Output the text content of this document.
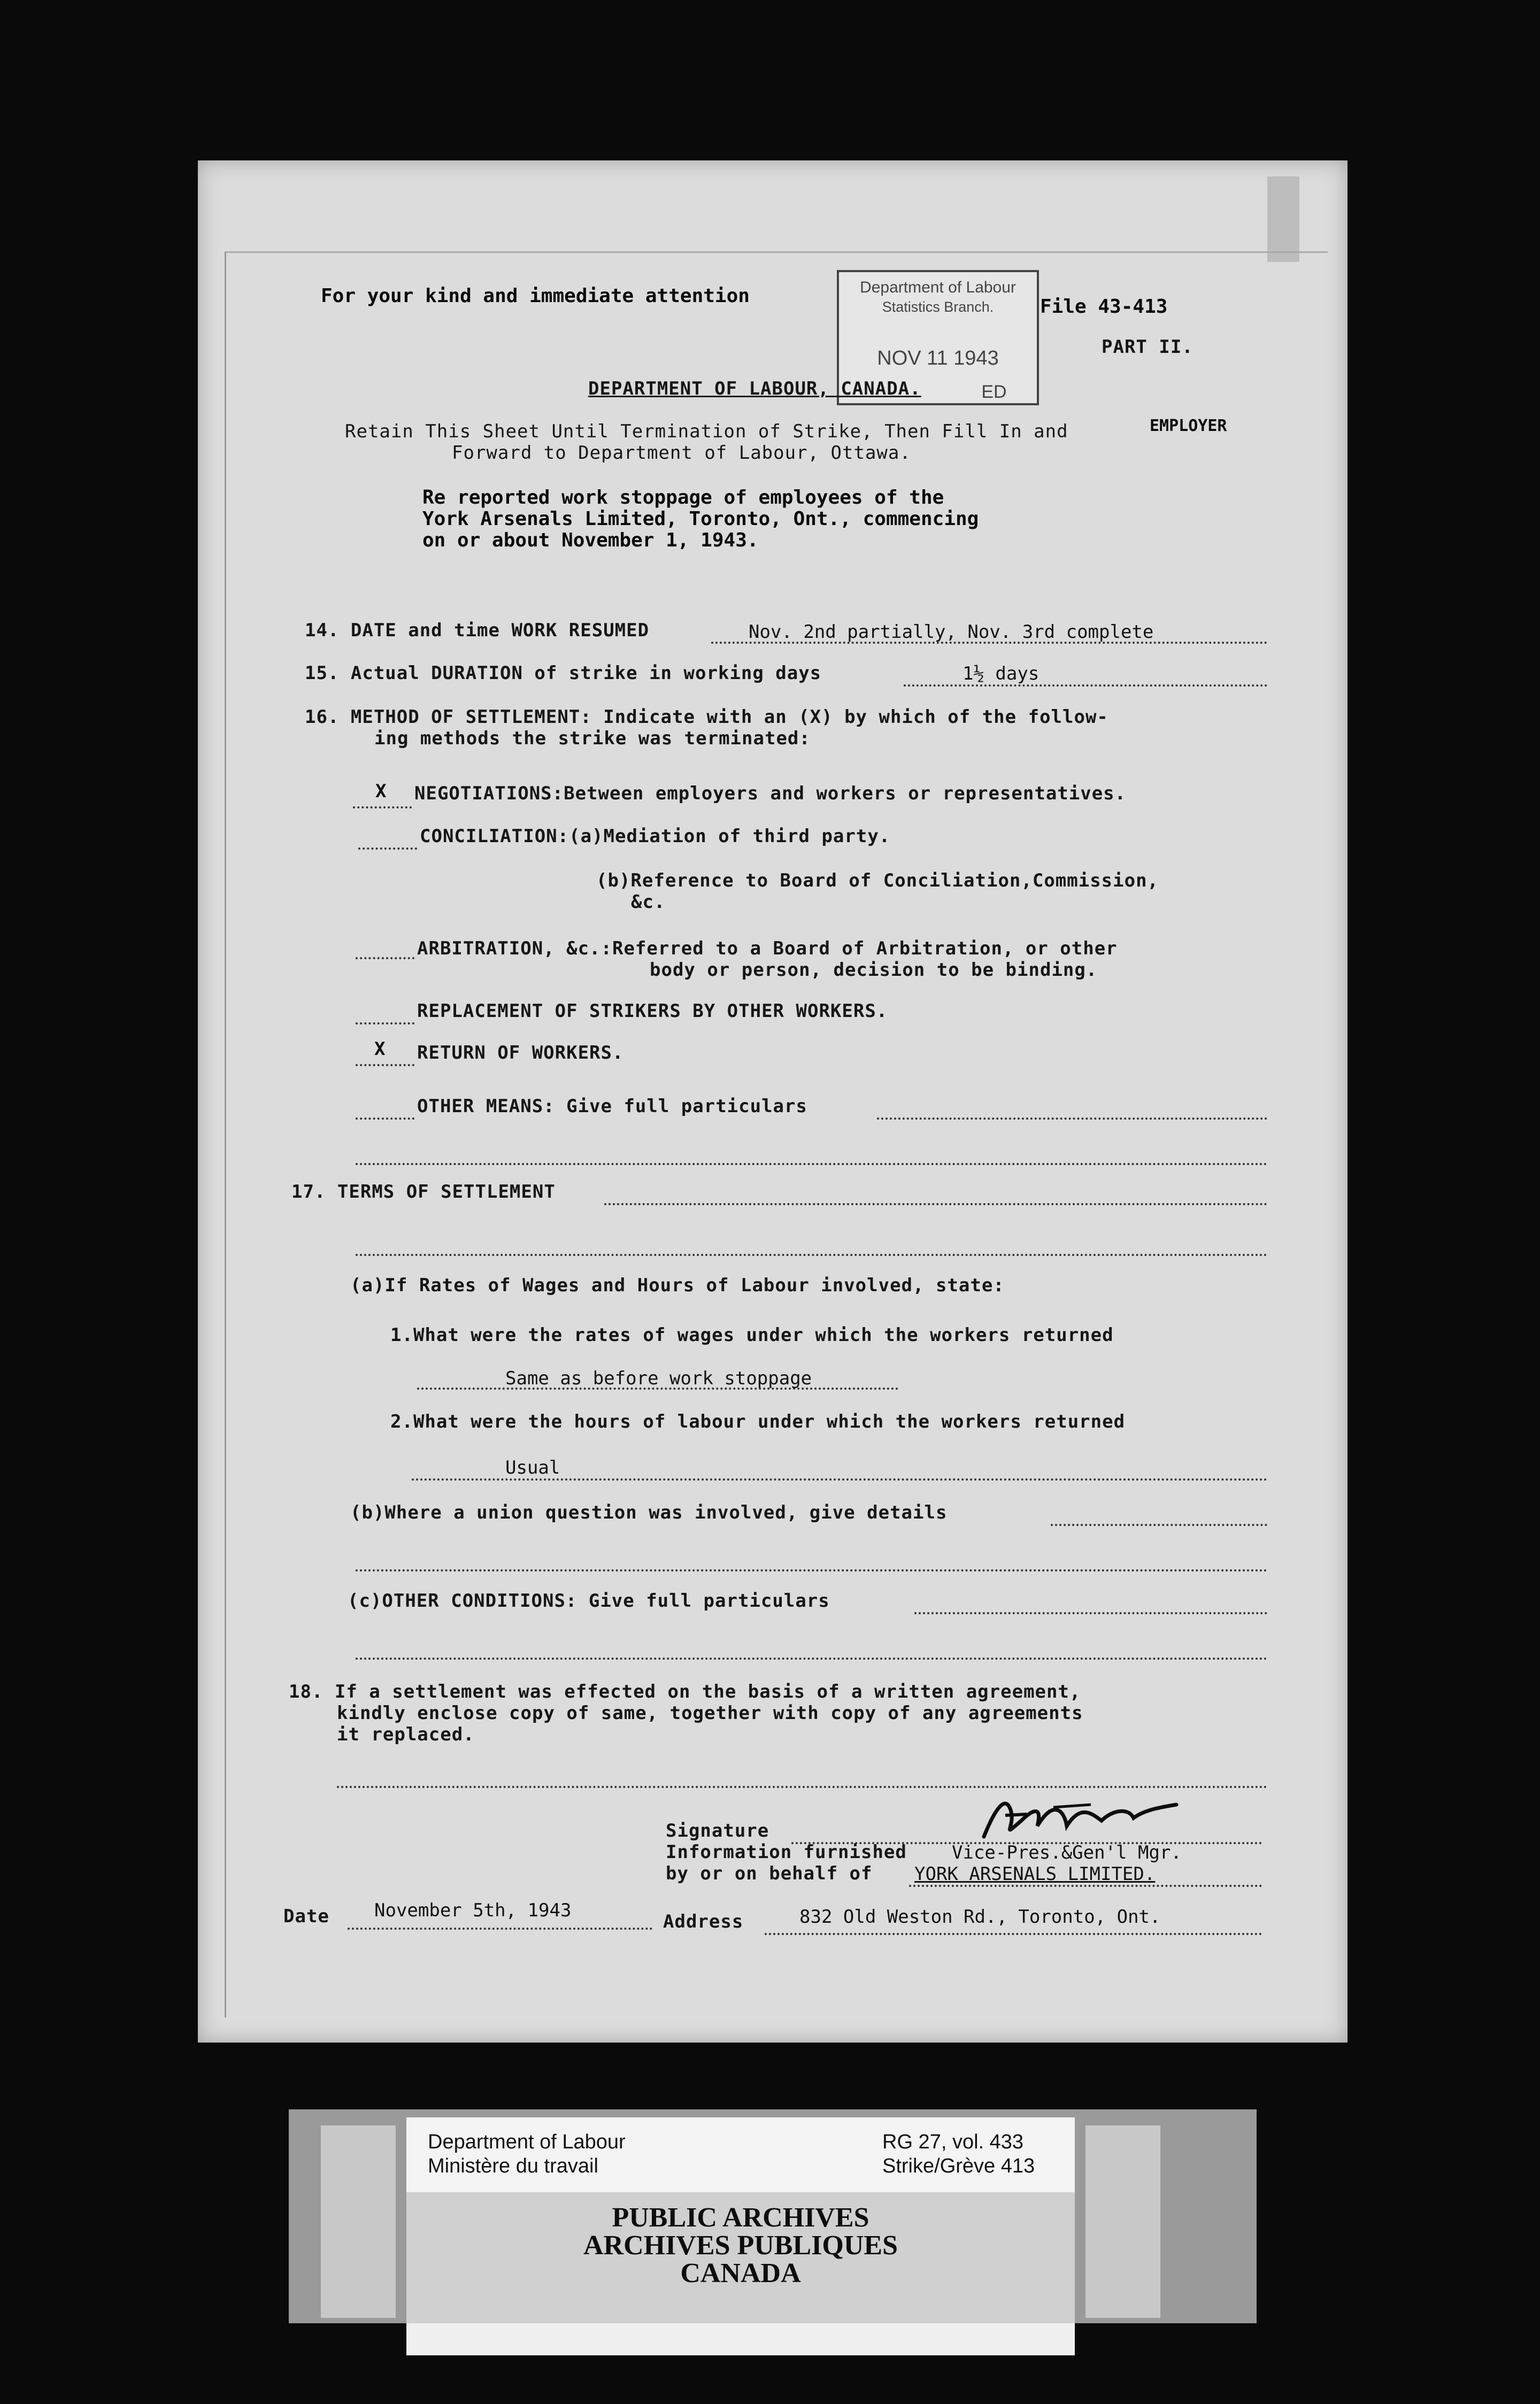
For your kind and immediate attention	File 43-413
PART II.
Department of Labour
Statistics Branch.
NOV 11 1943
ED
DEPARTMENT OF LABOUR, CANADA.
Retain This Sheet Until Termination of Strike, Then Fill In and
Forward to Department of Labour, Ottawa.
EMPLOYER
Re reported work stoppage of employees of the
York Arsenals Limited, Toronto, Ont., commencing
on or about November 1, 1943.
14. DATE and time WORK RESUMED	Nov. 2nd partially, Nov. 3rd complete
15. Actual DURATION of strike in working days	1½ days
16. METHOD OF SETTLEMENT: Indicate with an (X) by which of the follow-
ing methods the strike was terminated:
X NEGOTIATIONS:Between employers and workers or representatives.
CONCILIATION:(a)Mediation of third party.
(b)Reference to Board of Conciliation,Commission,
&c.
ARBITRATION, &c.:Referred to a Board of Arbitration, or other
body or person, decision to be binding.
REPLACEMENT OF STRIKERS BY OTHER WORKERS.
X RETURN OF WORKERS.
OTHER MEANS: Give full particulars
17. TERMS OF SETTLEMENT
(a)If Rates of Wages and Hours of Labour involved, state:
1.What were the rates of wages under which the workers returned
Same as before work stoppage
2.What were the hours of labour under which the workers returned
Usual
(b)Where a union question was involved, give details
(c)OTHER CONDITIONS: Give full particulars
18. If a settlement was effected on the basis of a written agreement,
kindly enclose copy of same, together with copy of any agreements
it replaced.
Signature
Information furnished Vice-Pres.&Gen'l Mgr.
by or on behalf of YORK ARSENALS LIMITED.
Date November 5th, 1943
Address	832 Old Weston Rd., Toronto, Ont.
Department of Labour
Ministère du travail
RG 27, vol. 433
Strike/Grève 413
PUBLIC ARCHIVES
ARCHIVES PUBLIQUES
CANADA
